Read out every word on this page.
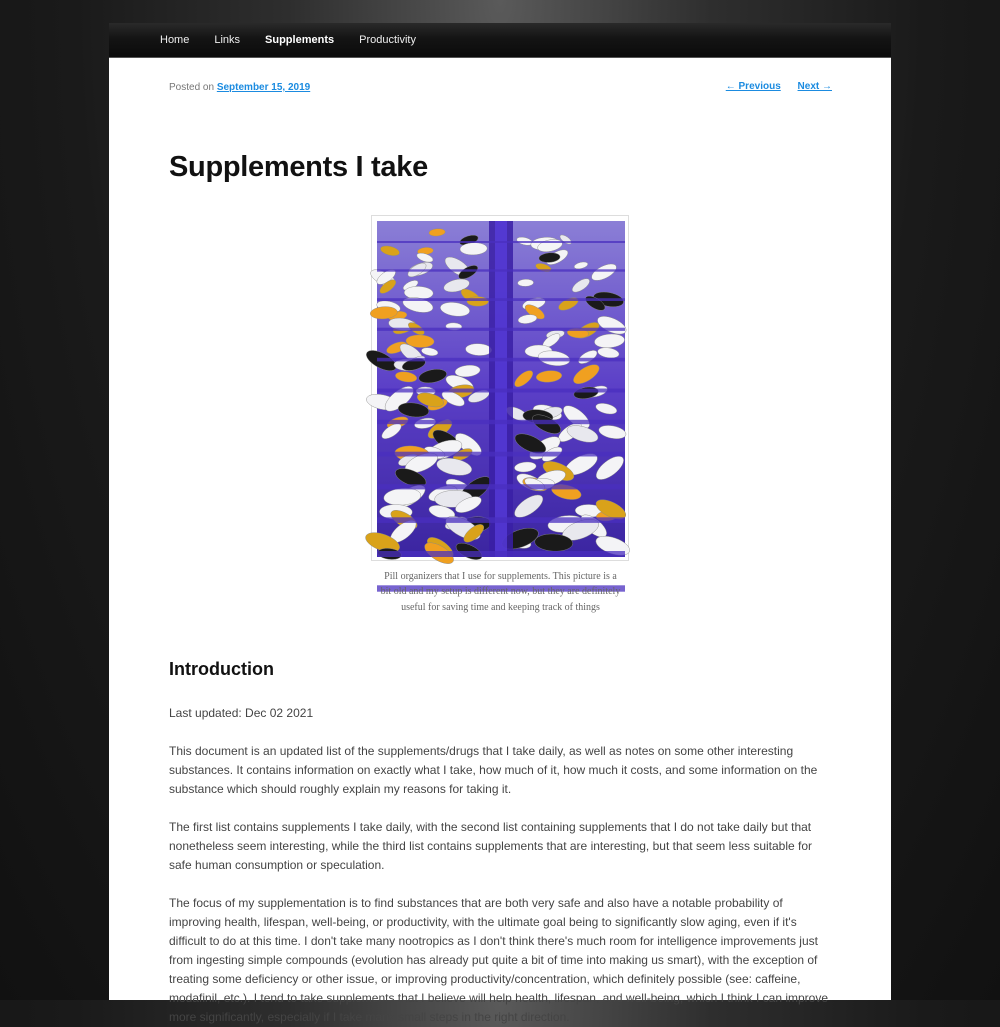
Home Links Supplements Productivity
Posted on September 15, 2019	← Previous Next →
Supplements I take
Pill organizers that I use for supplements. This picture is a bit old and my setup is different now, but they are definitely useful for saving time and keeping track of things
Introduction

Last updated: Dec 02 2021

This document is an updated list of the supplements/drugs that I take daily, as well as notes on some other interesting substances. It contains information on exactly what I take, how much of it, how much it costs, and some information on the substance which should roughly explain my reasons for taking it.

The first list contains supplements I take daily, with the second list containing supplements that I do not take daily but that nonetheless seem interesting, while the third list contains supplements that are interesting, but that seem less suitable for safe human consumption or speculation.

The focus of my supplementation is to find substances that are both very safe and also have a notable probability of improving health, lifespan, well-being, or productivity, with the ultimate goal being to significantly slow aging, even if it's difficult to do at this time. I don't take many nootropics as I don't think there's much room for intelligence improvements just from ingesting simple compounds (evolution has already put quite a bit of time into making us smart), with the exception of treating some deficiency or other issue, or improving productivity/concentration, which definitely possible (see: caffeine, modafinil, etc.). I tend to take supplements that I believe will help health, lifespan, and well-being, which I think I can improve more significantly, especially if I take many small steps in the right direction.
